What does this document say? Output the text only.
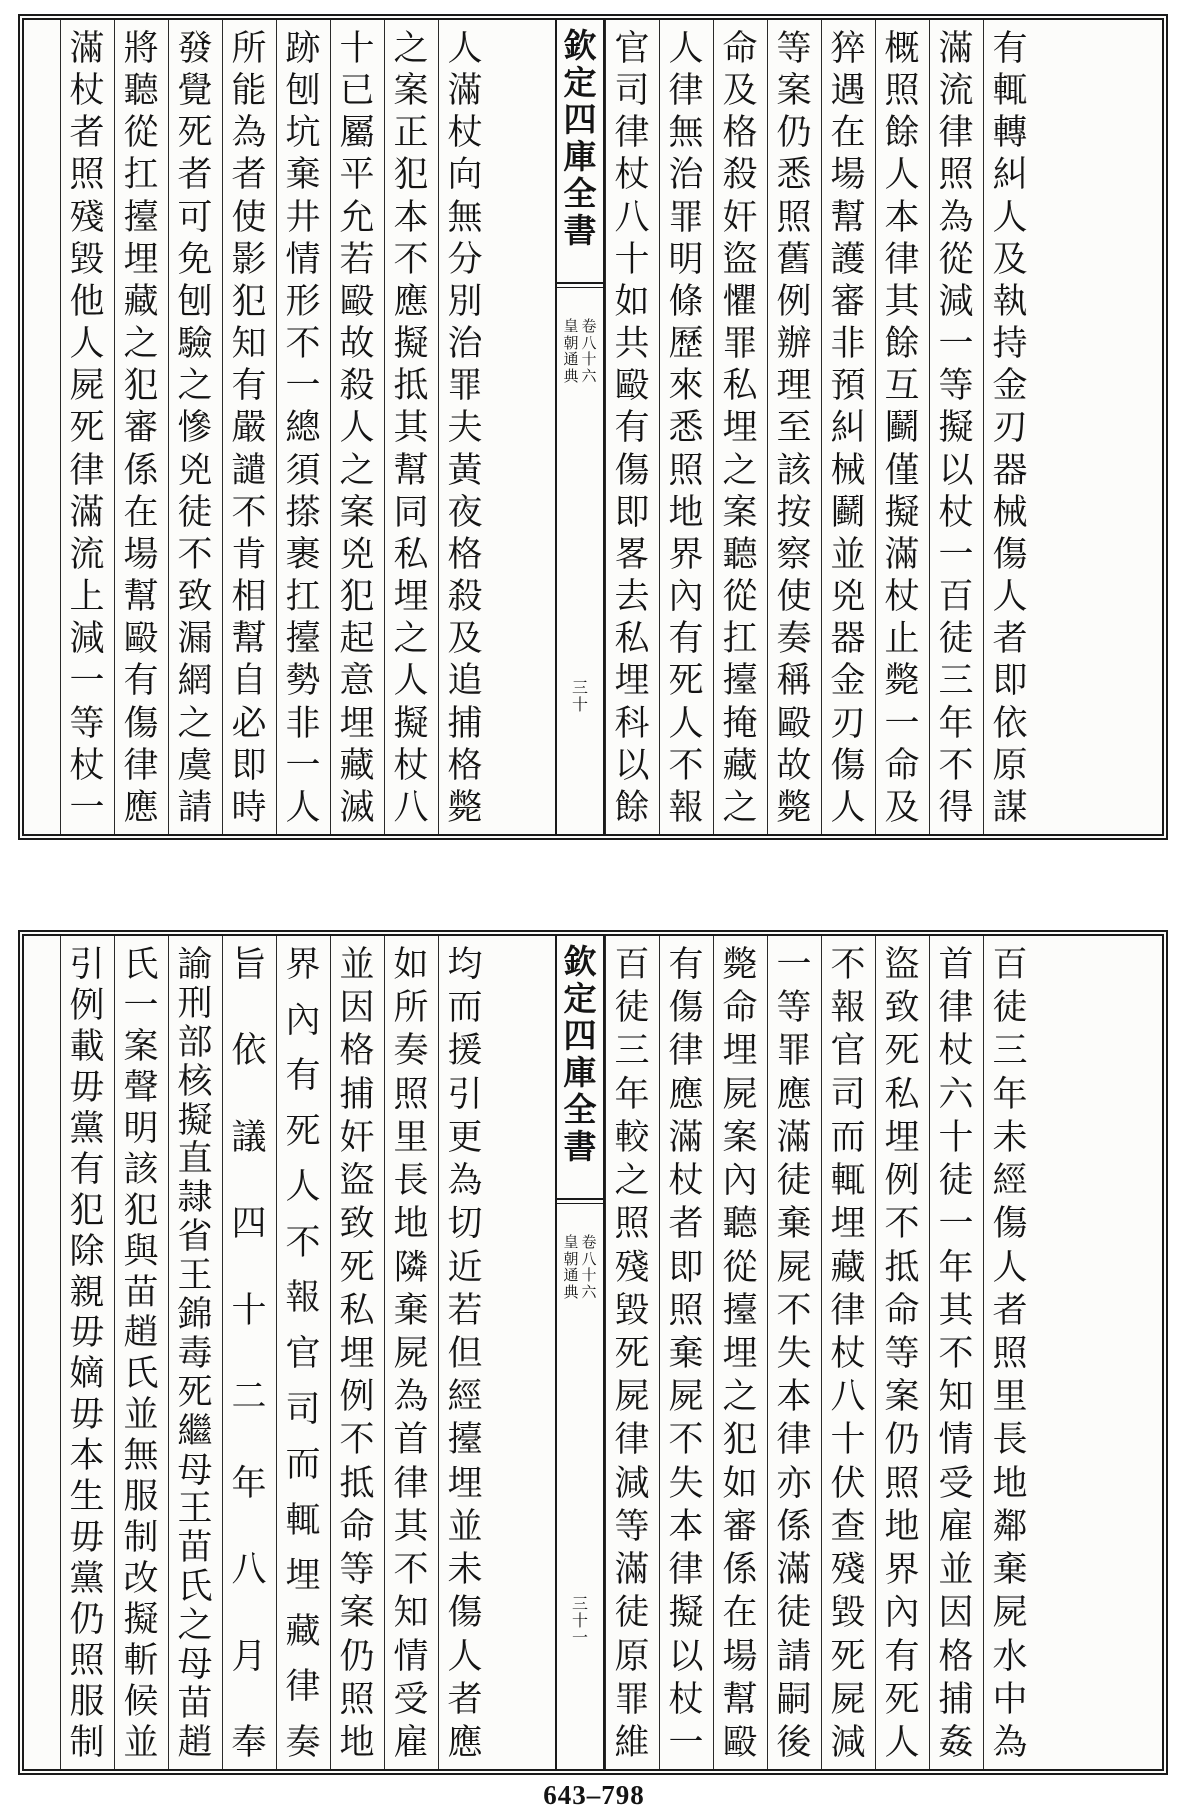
有
輒
轉
糾
人
及
執
持
金
刃
器
械
傷
人
者
即
依
原
謀
滿
流
律
照
為
從
減
一
等
擬
以
杖
一
百
徒
三
年
不
得
概
照
餘
人
本
律
其
餘
互
鬬
僅
擬
滿
杖
止
斃
一
命
及
猝
遇
在
場
幫
護
審
非
預
糾
械
鬬
並
兇
器
金
刃
傷
人
等
案
仍
悉
照
舊
例
辦
理
至
該
按
察
使
奏
稱
毆
故
斃
命
及
格
殺
奸
盜
懼
罪
私
埋
之
案
聽
從
扛
擡
掩
藏
之
人
律
無
治
罪
明
條
歷
來
悉
照
地
界
內
有
死
人
不
報
官
司
律
杖
八
十
如
共
毆
有
傷
即
畧
去
私
埋
科
以
餘
人
滿
杖
向
無
分
別
治
罪
夫
黃
夜
格
殺
及
追
捕
格
斃
之
案
正
犯
本
不
應
擬
抵
其
幫
同
私
埋
之
人
擬
杖
八
十
已
屬
平
允
若
毆
故
殺
人
之
案
兇
犯
起
意
埋
藏
滅
跡
刨
坑
棄
井
情
形
不
一
總
須
搽
裹
扛
擡
勢
非
一
人
所
能
為
者
使
影
犯
知
有
嚴
譴
不
肯
相
幫
自
必
即
時
發
覺
死
者
可
免
刨
驗
之
慘
兇
徒
不
致
漏
網
之
虞
請
將
聽
從
扛
擡
埋
藏
之
犯
審
係
在
場
幫
毆
有
傷
律
應
滿
杖
者
照
殘
毀
他
人
屍
死
律
滿
流
上
減
一
等
杖
一
欽
定
四
庫
全
書
皇
朝
通
典
卷
八
十
六
三
十
百
徒
三
年
未
經
傷
人
者
照
里
長
地
鄰
棄
屍
水
中
為
首
律
杖
六
十
徒
一
年
其
不
知
情
受
雇
並
因
格
捕
姦
盜
致
死
私
埋
例
不
抵
命
等
案
仍
照
地
界
內
有
死
人
不
報
官
司
而
輒
埋
藏
律
杖
八
十
伏
查
殘
毀
死
屍
減
一
等
罪
應
滿
徒
棄
屍
不
失
本
律
亦
係
滿
徒
請
嗣
後
斃
命
埋
屍
案
內
聽
從
擡
埋
之
犯
如
審
係
在
場
幫
毆
有
傷
律
應
滿
杖
者
即
照
棄
屍
不
失
本
律
擬
以
杖
一
百
徒
三
年
較
之
照
殘
毀
死
屍
律
減
等
滿
徒
原
罪
維
均
而
援
引
更
為
切
近
若
但
經
擡
埋
並
未
傷
人
者
應
如
所
奏
照
里
長
地
隣
棄
屍
為
首
律
其
不
知
情
受
雇
並
因
格
捕
奸
盜
致
死
私
埋
例
不
抵
命
等
案
仍
照
地
界
內
有
死
人
不
報
官
司
而
輒
埋
藏
律
奏
旨
依
議
四
十
二
年
八
月
奉
諭
刑
部
核
擬
直
隷
省
王
錦
毒
死
繼
母
王
苗
氏
之
母
苗
趙
氏
一
案
聲
明
該
犯
與
苗
趙
氏
並
無
服
制
改
擬
斬
候
並
引
例
載
毋
黨
有
犯
除
親
毋
嫡
毋
本
生
毋
黨
仍
照
服
制
欽
定
四
庫
全
書
皇
朝
通
典
卷
八
十
六
三
十
一
643–798
